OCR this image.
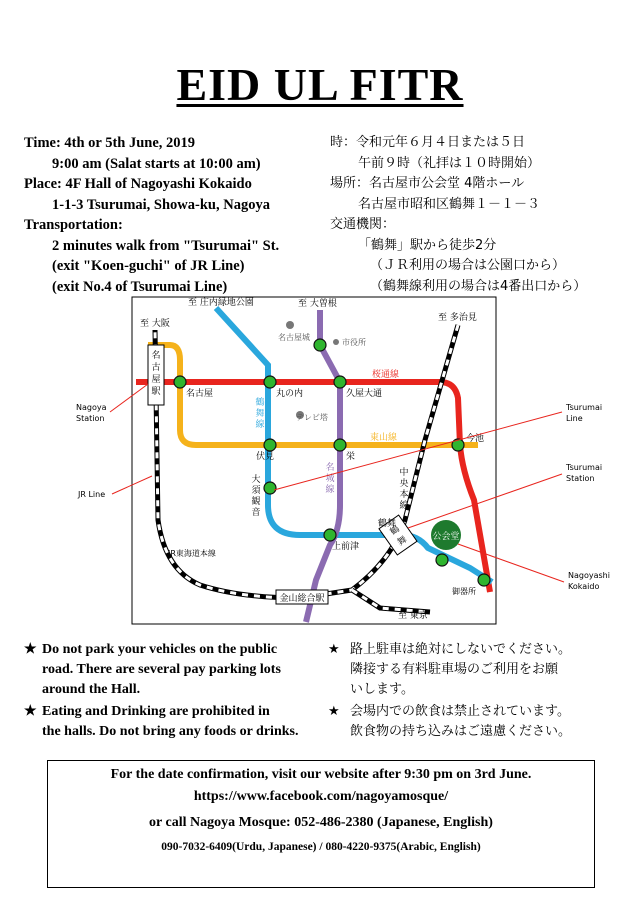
EID UL FITR
Time: 4th or 5th June, 2019
9:00 am (Salat starts at 10:00 am)
Place: 4F Hall of Nagoyashi Kokaido
1-1-3 Tsurumai, Showa-ku, Nagoya
Transportation:
2 minutes walk from "Tsurumai" St.
(exit "Koen-guchi" of JR Line)
(exit No.4 of Tsurumai Line)
時：令和元年６月４日または５日
午前９時（礼拝は１０時開始）
場所：名古屋市公会堂 4階ホール
名古屋市昭和区鶴舞１－１－３
交通機関：
「鶴舞」駅から徒歩2分
（ＪＲ利用の場合は公園口から）
（鶴舞線利用の場合は4番出口から）
公会堂
名古屋駅
鶴
舞
金山総合駅
至 庄内緑地公園	至 大曽根
至 大阪
至 多治見
至 東京
名古屋城
市役所
桜通線
東山線
鶴舞線
名城線
中央本線
JR東海道本線
テレビ塔
名古屋	丸の内	久屋大通
伏見	栄
今池
大須観音
上前津
鶴舞
御器所
Nagoya Station
JR Line
Tsurumai Line
Tsurumai Station
Nagoyashi Kokaido
★ Do not park your vehicles on the public
road. There are several pay parking lots
around the Hall.
★ Eating and Drinking are prohibited in
the halls. Do not bring any foods or drinks.
★ 路上駐車は絶対にしないでください。
隣接する有料駐車場のご利用をお願
いします。
★ 会場内での飲食は禁止されています。
飲食物の持ち込みはご遠慮ください。
For the date confirmation, visit our website after 9:30 pm on 3rd June.
https://www.facebook.com/nagoyamosque/
or call Nagoya Mosque: 052-486-2380 (Japanese, English)
090-7032-6409(Urdu, Japanese) / 080-4220-9375(Arabic, English)
